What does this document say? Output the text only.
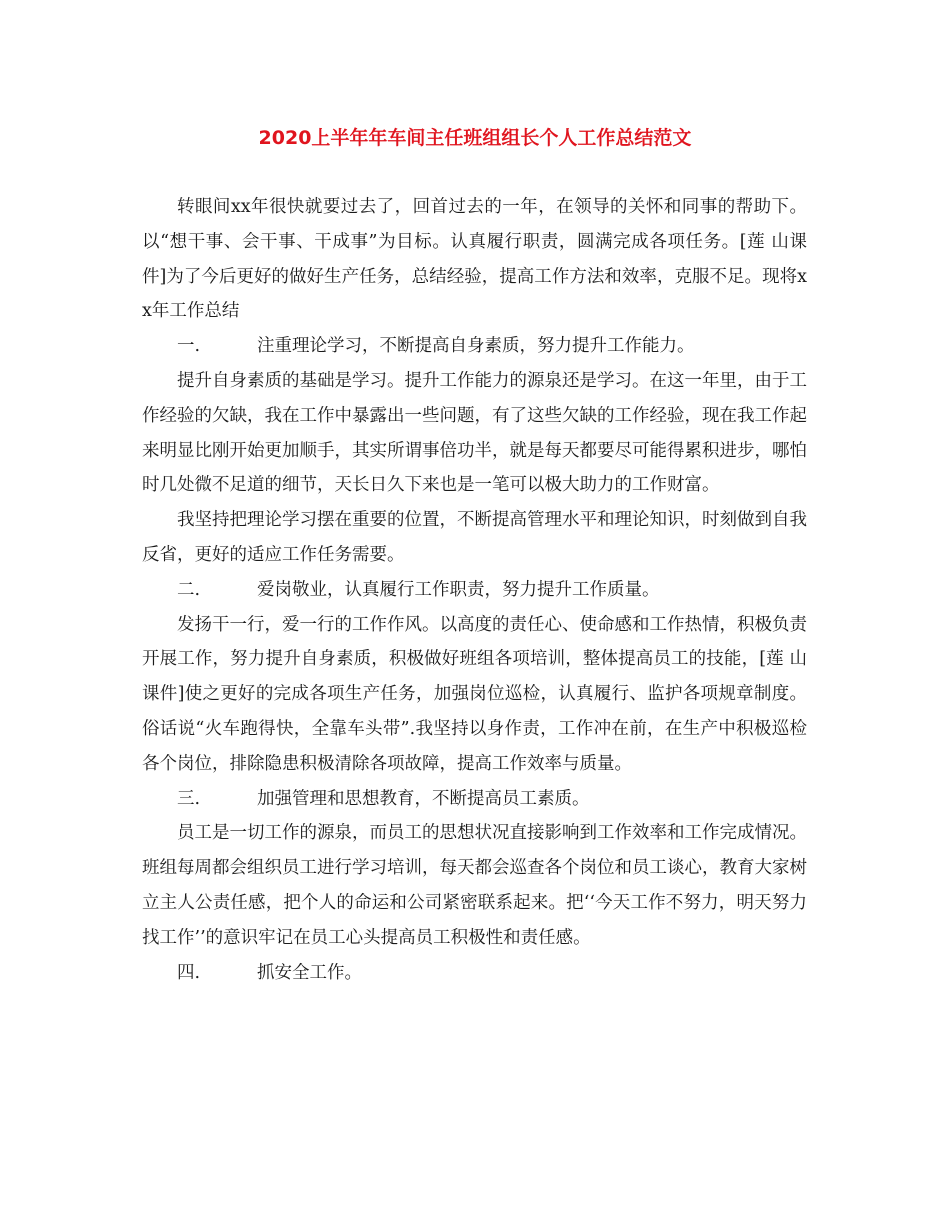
2020上半年年车间主任班组组长个人工作总结范文

转眼间xx年很快就要过去了，回首过去的一年，在领导的关怀和同事的帮助下。以“想干事、会干事、干成事”为目标。认真履行职责，圆满完成各项任务。[莲 山课件]为了今后更好的做好生产任务，总结经验，提高工作方法和效率，克服不足。现将xx年工作总结

一.	注重理论学习，不断提高自身素质，努力提升工作能力。

提升自身素质的基础是学习。提升工作能力的源泉还是学习。在这一年里，由于工作经验的欠缺，我在工作中暴露出一些问题，有了这些欠缺的工作经验，现在我工作起来明显比刚开始更加顺手，其实所谓事倍功半，就是每天都要尽可能得累积进步，哪怕时几处微不足道的细节，天长日久下来也是一笔可以极大助力的工作财富。

我坚持把理论学习摆在重要的位置，不断提高管理水平和理论知识，时刻做到自我反省，更好的适应工作任务需要。

二.	爱岗敬业，认真履行工作职责，努力提升工作质量。

发扬干一行，爱一行的工作作风。以高度的责任心、使命感和工作热情，积极负责开展工作，努力提升自身素质，积极做好班组各项培训，整体提高员工的技能，[莲 山课件]使之更好的完成各项生产任务，加强岗位巡检，认真履行、监护各项规章制度。俗话说“火车跑得快，全靠车头带”.我坚持以身作责，工作冲在前，在生产中积极巡检各个岗位，排除隐患积极清除各项故障，提高工作效率与质量。

三.	加强管理和思想教育，不断提高员工素质。

员工是一切工作的源泉，而员工的思想状况直接影响到工作效率和工作完成情况。班组每周都会组织员工进行学习培训，每天都会巡查各个岗位和员工谈心，教育大家树立主人公责任感，把个人的命运和公司紧密联系起来。把‘‘今天工作不努力，明天努力找工作’’的意识牢记在员工心头提高员工积极性和责任感。

四.	抓安全工作。
